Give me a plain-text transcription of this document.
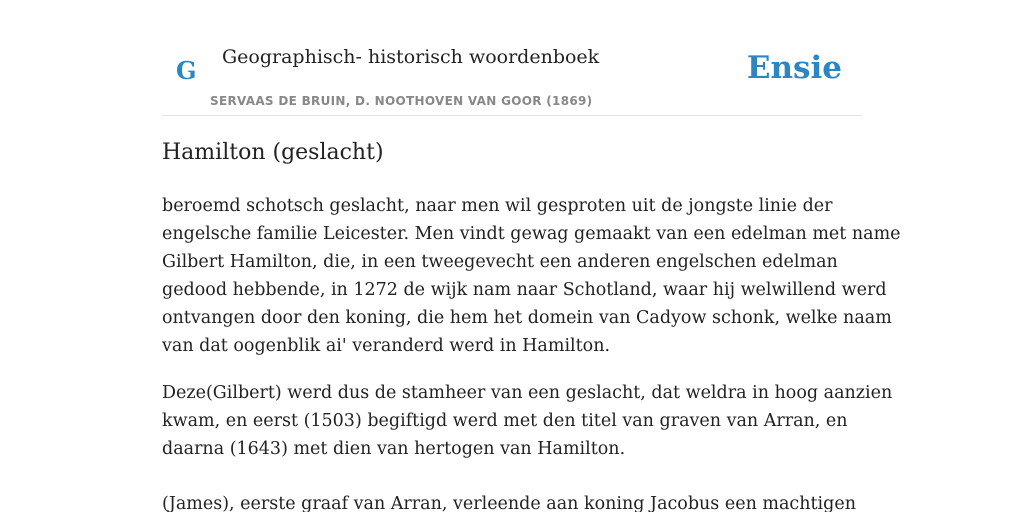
G Geographisch- historisch woordenboek
SERVAAS DE BRUIN, D. NOOTHOVEN VAN GOOR (1869)
Ensie
Hamilton (geslacht)

beroemd schotsch geslacht, naar men wil gesproten uit de jongste linie der
engelsche familie Leicester. Men vindt gewag gemaakt van een edelman met name
Gilbert Hamilton, die, in een tweegevecht een anderen engelschen edelman
gedood hebbende, in 1272 de wijk nam naar Schotland, waar hij welwillend werd
ontvangen door den koning, die hem het domein van Cadyow schonk, welke naam
van dat oogenblik ai' veranderd werd in Hamilton.

Deze(Gilbert) werd dus de stamheer van een geslacht, dat weldra in hoog aanzien
kwam, en eerst (1503) begiftigd werd met den titel van graven van Arran, en
daarna (1643) met dien van hertogen van Hamilton.

(James), eerste graaf van Arran, verleende aan koning Jacobus een machtigen
